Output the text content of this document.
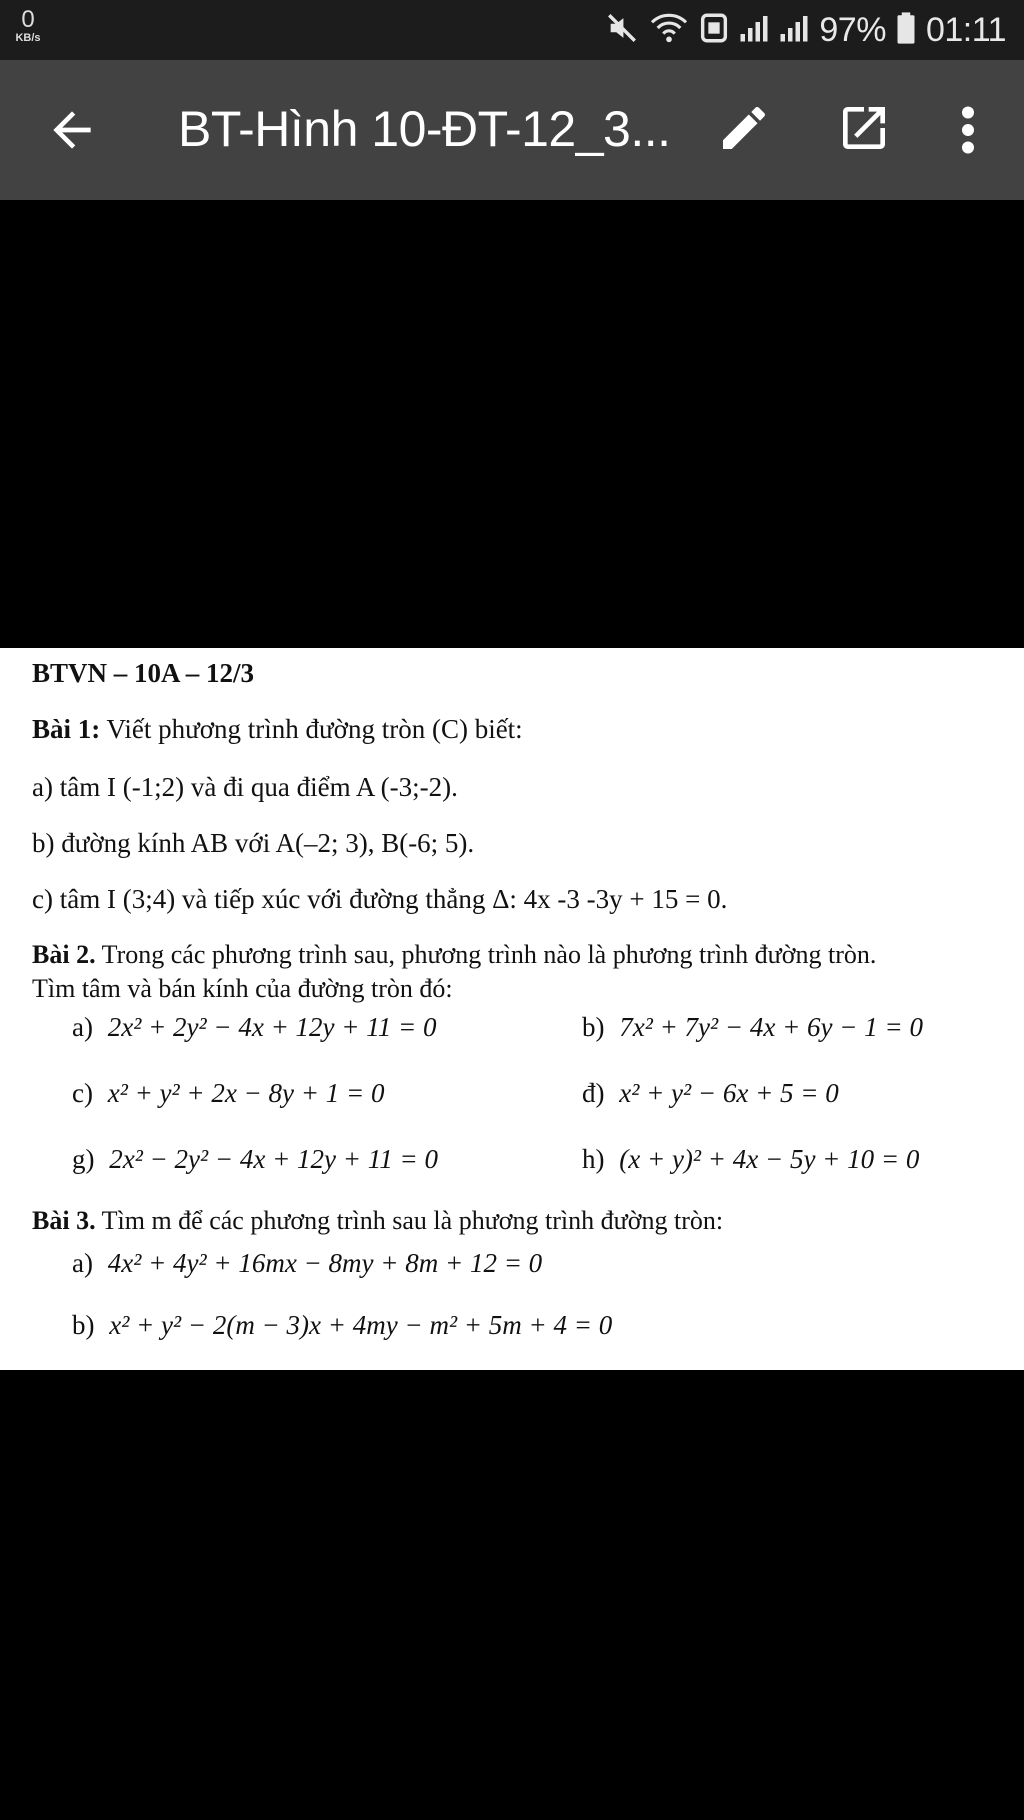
0
KB/s	97% 01:11
BT-Hình 10-ĐT-12_3...
BTVN – 10A – 12/3
Bài 1: Viết phương trình đường tròn (C) biết:
a) tâm I (-1;2) và đi qua điểm A (-3;-2).
b) đường kính AB với A(–2; 3), B(-6; 5).
c) tâm I (3;4) và tiếp xúc với đường thẳng Δ: 4x -3 -3y + 15 = 0.
Bài 2. Trong các phương trình sau, phương trình nào là phương trình đường tròn.
Tìm tâm và bán kính của đường tròn đó:
a) 2x² + 2y² − 4x + 12y + 11 = 0	b) 7x² + 7y² − 4x + 6y − 1 = 0
c) x² + y² + 2x − 8y + 1 = 0	đ) x² + y² − 6x + 5 = 0
g) 2x² − 2y² − 4x + 12y + 11 = 0	h) (x + y)² + 4x − 5y + 10 = 0
Bài 3. Tìm m để các phương trình sau là phương trình đường tròn:
a) 4x² + 4y² + 16mx − 8my + 8m + 12 = 0
b) x² + y² − 2(m − 3)x + 4my − m² + 5m + 4 = 0
